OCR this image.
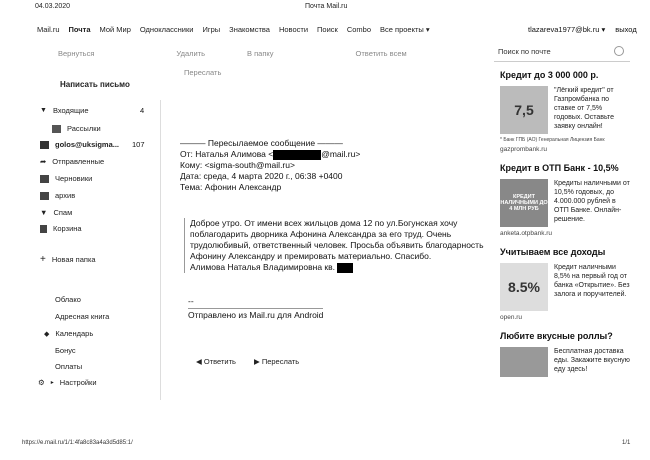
04.03.2020	Почта Mail.ru
Mail.ru Почта Мой Мир Одноклассники Игры Знакомства Новости Поиск Combo Все проекты ▾	tlazareva1977@bk.ru ▾ выход
Вернуться	Удалить	В папку	Ответить всем
Переслать
Поиск по почте
Написать письмо
▼ Входящие	4
Рассылки
golos@uksigma... 107
➦ Отправленные
Черновики
архив
▼ Спам
Корзина
+ Новая папка
Облако
Адресная книга
◆ Календарь
Бонус
Оплаты
⚙ ▸ Настройки
——— Пересылаемое сообщение ———
От: Наталья Алимова <	@mail.ru>
Кому: <sigma-south@mail.ru>
Дата: среда, 4 марта 2020 г., 06:38 +0400
Тема: Афонин Александр
Доброе утро. От имени всех жильцов дома 12 по ул.Богунская хочу поблагодарить дворника Афонина Александра за его труд. Очень трудолюбивый, ответственный человек. Просьба объявить благодарность Афонину Александру и премировать материально. Спасибо.
Алимова Наталья Владимировна кв.
--
Отправлено из Mail.ru для Android
◀ Ответить ▶ Переслать
Кредит до 3 000 000 р.
7,5
"Лёгкий кредит" от Газпромбанка по ставке от 7,5% годовых. Оставьте заявку онлайн!
* Банк ГПБ (АО) Генеральная Лицензия Банк
gazprombank.ru
Кредит в ОТП Банк - 10,5%
КРЕДИТ НАЛИЧНЫМИ ДО 4 МЛН РУБ
Кредиты наличными от 10,5% годовых, до 4.000.000 рублей в ОТП Банке. Онлайн-решение.
anketa.otpbank.ru
Учитываем все доходы
8.5%
Кредит наличными 8,5% на первый год от банка «Открытие». Без залога и поручителей.
open.ru
Любите вкусные роллы?
Бесплатная доставка еды. Закажите вкусную еду здесь!
https://e.mail.ru/1/1:4fa8c83a4a3d5d85:1/	1/1
